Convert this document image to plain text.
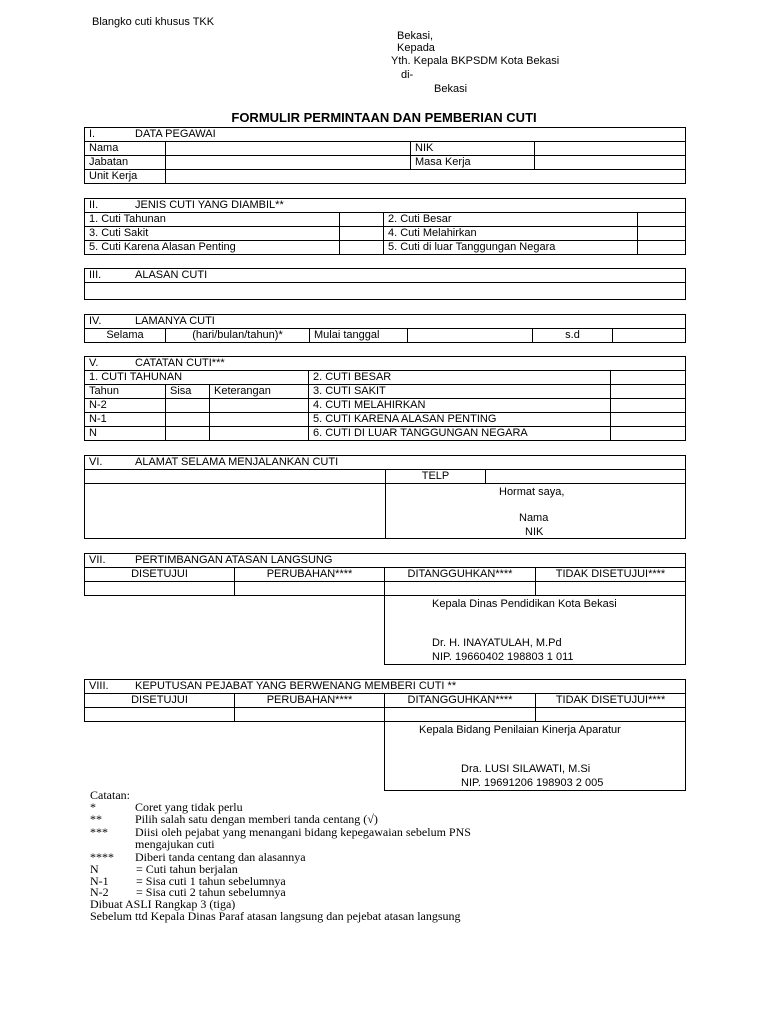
Blangko cuti khusus TKK
Bekasi,
Kepada
Yth. Kepala BKPSDM Kota Bekasi
di-
Bekasi
FORMULIR PERMINTAAN DAN PEMBERIAN CUTI
I. DATA PEGAWAI			
Nama		NIK	
Jabatan		Masa Kerja	
Unit Kerja			
II. JENIS CUTI YANG DIAMBIL**			
1. Cuti Tahunan		2. Cuti Besar	
3. Cuti Sakit		4. Cuti Melahirkan	
5. Cuti Karena Alasan Penting		5. Cuti di luar Tanggungan Negara	
III.	ALASAN CUTI

IV.	LAMANYA CUTI
Selama	(hari/bulan/tahun)*	Mulai tanggal		s.d	
V. CATATAN CUTI***				
1. CUTI TAHUNAN			2. CUTI BESAR	
Tahun	Sisa	Keterangan	3. CUTI SAKIT	
N-2			4. CUTI MELAHIRKAN	
N-1			5. CUTI KARENA ALASAN PENTING	
N			6. CUTI DI LUAR TANGGUNGAN NEGARA	
VI. ALAMAT SELAMA MENJALANKAN CUTI		
	TELP	

	Hormat saya,
Nama
NIK	
VII. PERTIMBANGAN ATASAN LANGSUNG			
DISETUJUI	PERUBAHAN****	DITANGGUHKAN****	TIDAK DISETUJUI****

		Kepala Dinas Pendidikan Kota Bekasi
Dr. H. INAYATULAH, M.Pd
NIP. 19660402 198803 1 011	
VIII. KEPUTUSAN PEJABAT YANG BERWENANG MEMBERI CUTI **			
DISETUJUI	PERUBAHAN****	DITANGGUHKAN****	TIDAK DISETUJUI****

		Kepala Bidang Penilaian Kinerja Aparatur
Dra. LUSI SILAWATI, M.Si
NIP. 19691206 198903 2 005	
Catatan:
*	Coret yang tidak perlu
**	Pilih salah satu dengan memberi tanda centang (√)
*** Diisi oleh pejabat yang menangani bidang kepegawaian sebelum PNS
mengajukan cuti
**** Diberi tanda centang dan alasannya
N	= Cuti tahun berjalan
N-1 = Sisa cuti 1 tahun sebelumnya
N-2 = Sisa cuti 2 tahun sebelumnya
Dibuat ASLI Rangkap 3 (tiga)
Sebelum ttd Kepala Dinas Paraf atasan langsung dan pejebat atasan langsung
